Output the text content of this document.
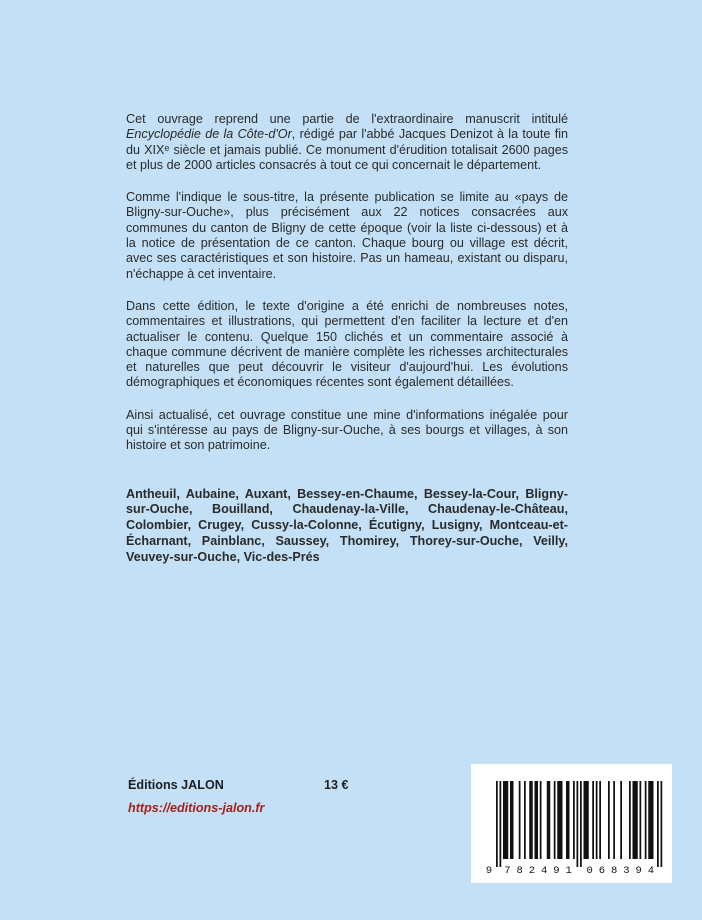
Cet ouvrage reprend une partie de l'extraordinaire manuscrit intitulé Encyclopédie de la Côte-d'Or, rédigé par l'abbé Jacques Denizot à la toute fin du XIXe siècle et jamais publié. Ce monument d'érudition totalisait 2600 pages et plus de 2000 articles consacrés à tout ce qui concernait le département.

Comme l'indique le sous-titre, la présente publication se limite au «pays de Bligny-sur-Ouche», plus précisément aux 22 notices consacrées aux communes du canton de Bligny de cette époque (voir la liste ci-dessous) et à la notice de présentation de ce canton. Chaque bourg ou village est décrit, avec ses caractéristiques et son histoire. Pas un hameau, existant ou disparu, n'échappe à cet inventaire.

Dans cette édition, le texte d'origine a été enrichi de nombreuses notes, commentaires et illustrations, qui permettent d'en faciliter la lecture et d'en actualiser le contenu. Quelque 150 clichés et un commentaire associé à chaque commune décrivent de manière complète les richesses architecturales et naturelles que peut découvrir le visiteur d'aujourd'hui. Les évolutions démographiques et économiques récentes sont également détaillées.

Ainsi actualisé, cet ouvrage constitue une mine d'informations inégalée pour qui s'intéresse au pays de Bligny-sur-Ouche, à ses bourgs et villages, à son histoire et son patrimoine.

Antheuil, Aubaine, Auxant, Bessey-en-Chaume, Bessey-la-Cour, Bligny-sur-Ouche, Bouilland, Chaudenay-la-Ville, Chaudenay-le-Château, Colombier, Crugey, Cussy-la-Colonne, Écutigny, Lusigny, Montceau-et-Écharnant, Painblanc, Saussey, Thomirey, Thorey-sur-Ouche, Veilly, Veuvey-sur-Ouche, Vic-des-Prés

Éditions JALON	13 €
https://editions-jalon.fr
9 7 8 2 4 9 1 0 6 8 3 9 4
